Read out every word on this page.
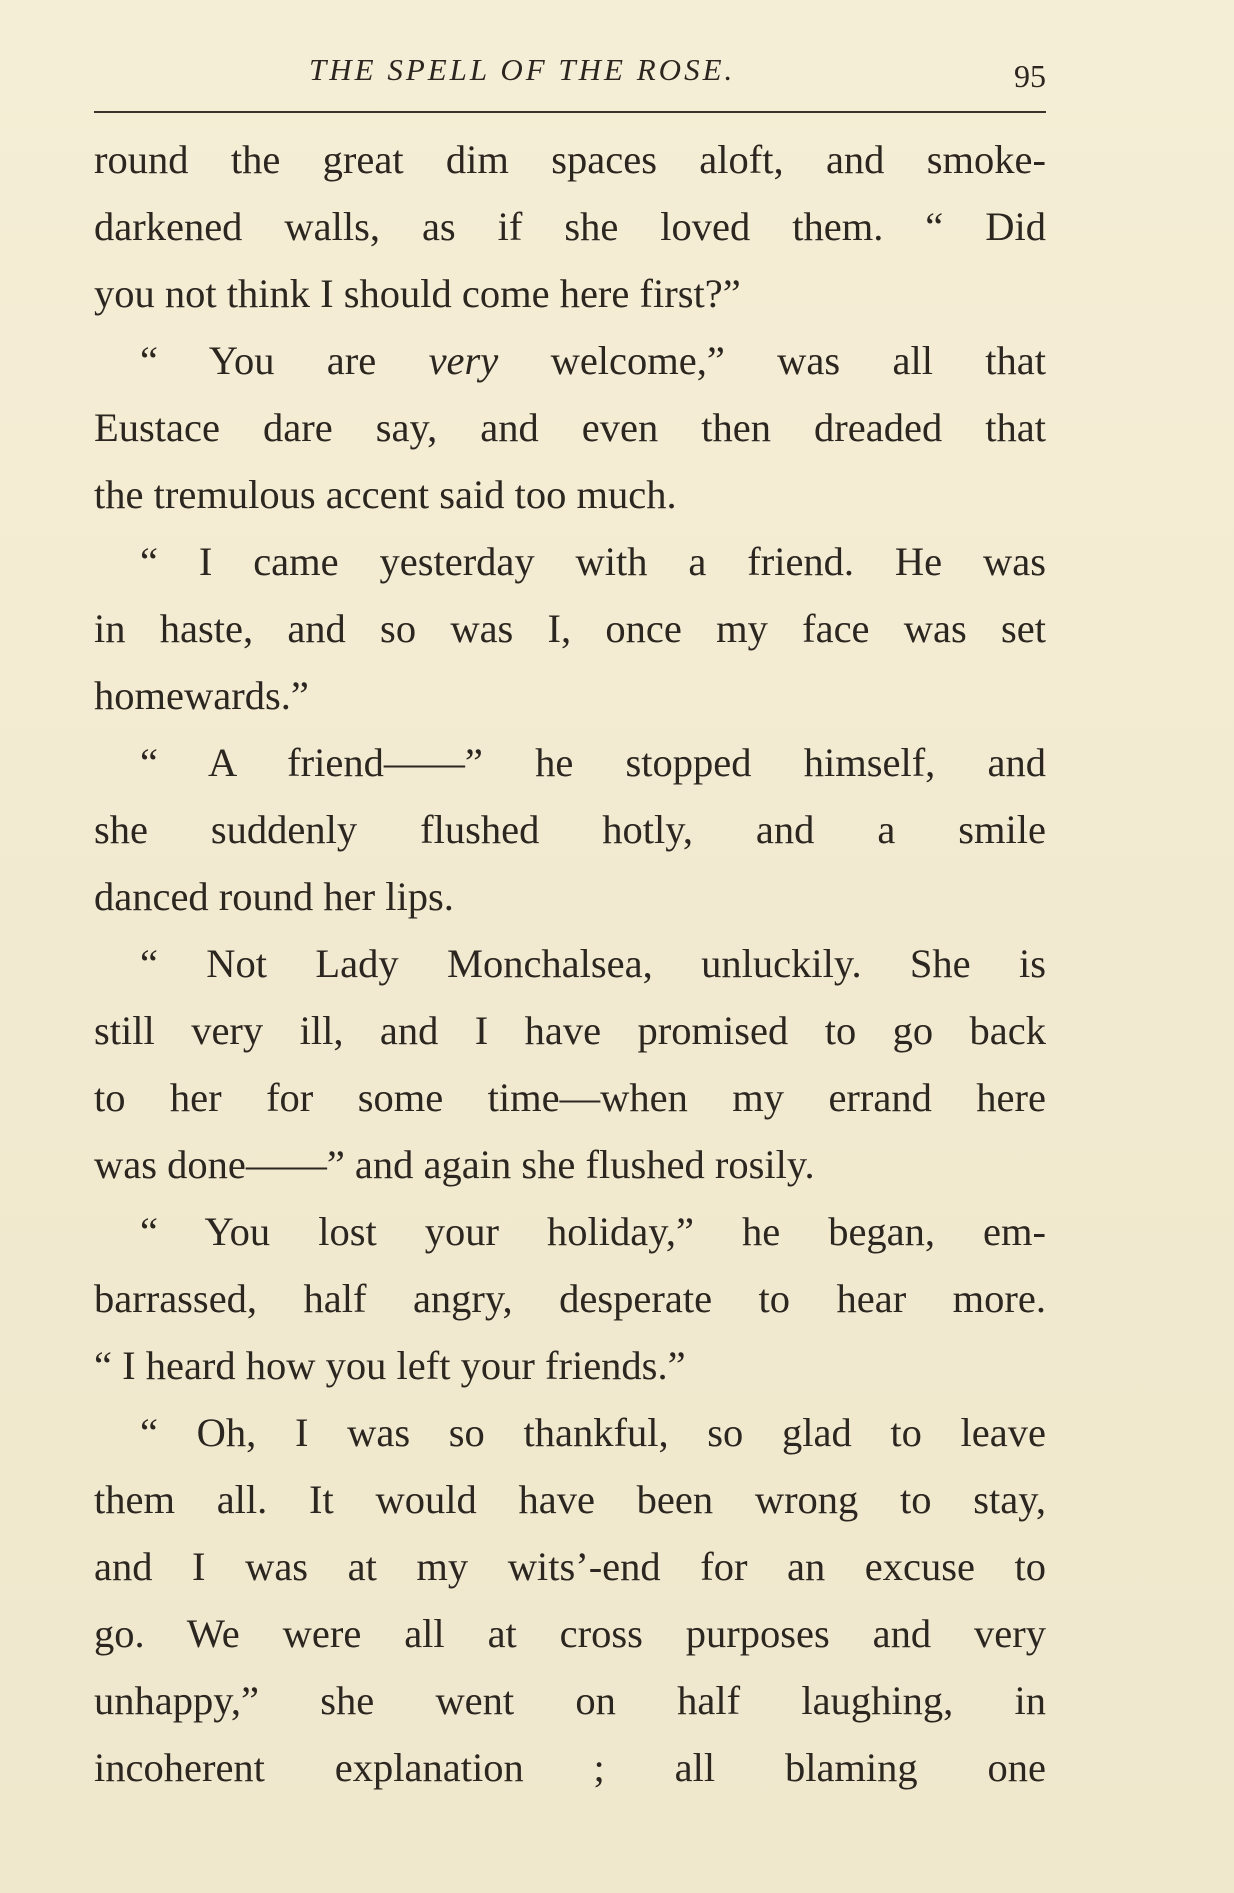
THE SPELL OF THE ROSE.	95
round the great dim spaces aloft, and smoke-
darkened walls, as if she loved them. “ Did
you not think I should come here first?”
“ You are very welcome,” was all that
Eustace dare say, and even then dreaded that
the tremulous accent said too much.
“ I came yesterday with a friend. He was
in haste, and so was I, once my face was set
homewards.”
“ A friend——” he stopped himself, and
she suddenly flushed hotly, and a smile
danced round her lips.
“ Not Lady Monchalsea, unluckily. She is
still very ill, and I have promised to go back
to her for some time—when my errand here
was done——” and again she flushed rosily.
“ You lost your holiday,” he began, em-
barrassed, half angry, desperate to hear more.
“ I heard how you left your friends.”
“ Oh, I was so thankful, so glad to leave
them all. It would have been wrong to stay,
and I was at my wits’-end for an excuse to
go. We were all at cross purposes and very
unhappy,” she went on half laughing, in
incoherent explanation ; all blaming one
